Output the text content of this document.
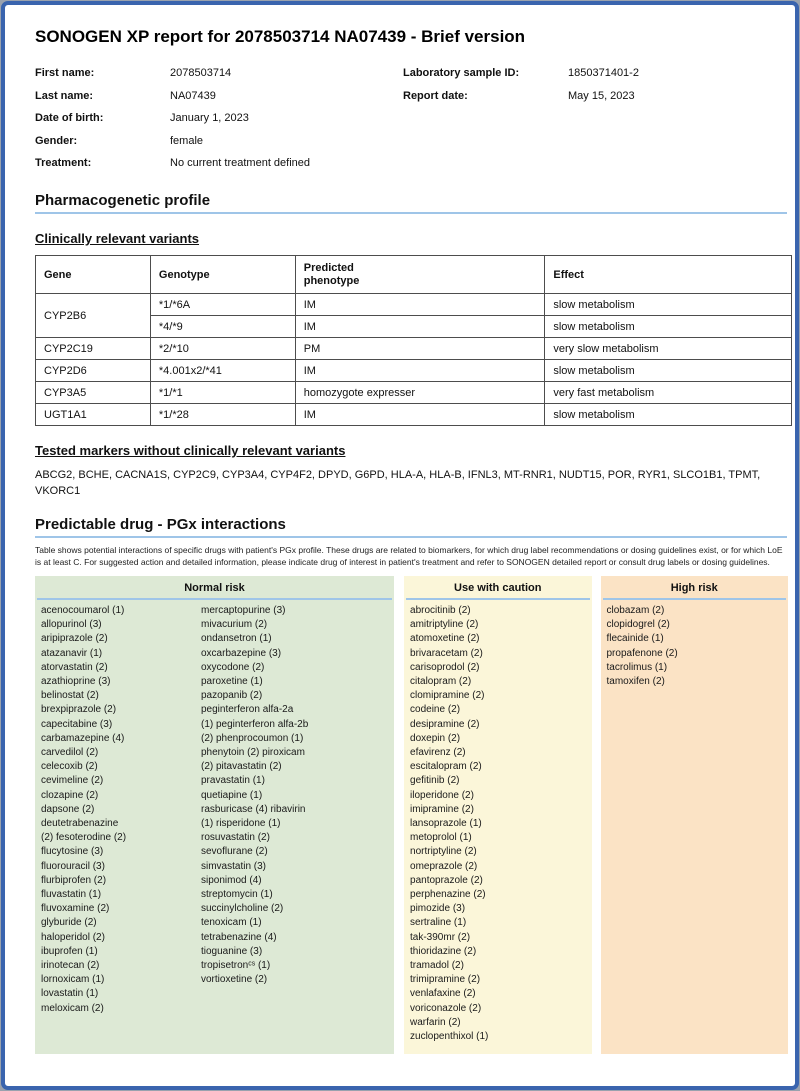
SONOGEN XP report for 2078503714 NA07439 - Brief version
First name:	2078503714
Last name:	NA07439
Date of birth:	January 1, 2023
Gender:	female
Treatment:	No current treatment defined
Laboratory sample ID:	1850371401-2
Report date:	May 15, 2023
Pharmacogenetic profile
Clinically relevant variants
Gene	Genotype	Predicted phenotype	Effect
CYP2B6	*1/*6A	IM	slow metabolism
	*4/*9	IM	slow metabolism
CYP2C19	*2/*10	PM	very slow metabolism
CYP2D6	*4.001x2/*41	IM	slow metabolism
CYP3A5	*1/*1	homozygote expresser	very fast metabolism
UGT1A1	*1/*28	IM	slow metabolism
Tested markers without clinically relevant variants
ABCG2, BCHE, CACNA1S, CYP2C9, CYP3A4, CYP4F2, DPYD, G6PD, HLA-A, HLA-B, IFNL3, MT-RNR1, NUDT15, POR, RYR1, SLCO1B1, TPMT, VKORC1
Predictable drug - PGx interactions
Table shows potential interactions of specific drugs with patient's PGx profile. These drugs are related to biomarkers, for which drug label recommendations or dosing guidelines exist, or for which LoE is at least C. For suggested action and detailed information, please indicate drug of interest in patient's treatment and refer to SONOGEN detailed report or consult drug labels or dosing guidelines.
Normal risk
acenocoumarol (1)
allopurinol (3)
aripiprazole (2)
atazanavir (1)
atorvastatin (2)
azathioprine (3)
belinostat (2)
brexpiprazole (2)
capecitabine (3)
carbamazepine (4)
carvedilol (2)
celecoxib (2)
cevimeline (2)
clozapine (2)
dapsone (2)
deutetrabenazine
(2) fesoterodine (2)
flucytosine (3)
fluorouracil (3)
flurbiprofen (2)
fluvastatin (1)
fluvoxamine (2)
glyburide (2)
haloperidol (2)
ibuprofen (1)
irinotecan (2)
lornoxicam (1)
lovastatin (1)
meloxicam (2)
mercaptopurine (3)
mivacurium (2)
ondansetron (1)
oxcarbazepine (3)
oxycodone (2)
paroxetine (1)
pazopanib (2)
peginterferon alfa-2a
(1) peginterferon alfa-2b
(2) phenprocoumon (1)
phenytoin (2) piroxicam
(2) pitavastatin (2)
pravastatin (1)
quetiapine (1)
rasburicase (4) ribavirin
(1) risperidone (1)
rosuvastatin (2)
sevoflurane (2)
simvastatin (3)
siponimod (4)
streptomycin (1)
succinylcholine (2)
tenoxicam (1)
tetrabenazine (4)
tioguanine (3)
tropisetronᶜˢ (1)
vortioxetine (2)
Use with caution
abrocitinib (2)
amitriptyline (2)
atomoxetine (2)
brivaracetam (2)
carisoprodol (2)
citalopram (2)
clomipramine (2)
codeine (2)
desipramine (2)
doxepin (2)
efavirenz (2)
escitalopram (2)
gefitinib (2)
iloperidone (2)
imipramine (2)
lansoprazole (1)
metoprolol (1)
nortriptyline (2)
omeprazole (2)
pantoprazole (2)
perphenazine (2)
pimozide (3)
sertraline (1)
tak-390mr (2)
thioridazine (2)
tramadol (2)
trimipramine (2)
venlafaxine (2)
voriconazole (2)
warfarin (2)
zuclopenthixol (1)
High risk
clobazam (2)
clopidogrel (2)
flecainide (1)
propafenone (2)
tacrolimus (1)
tamoxifen (2)
